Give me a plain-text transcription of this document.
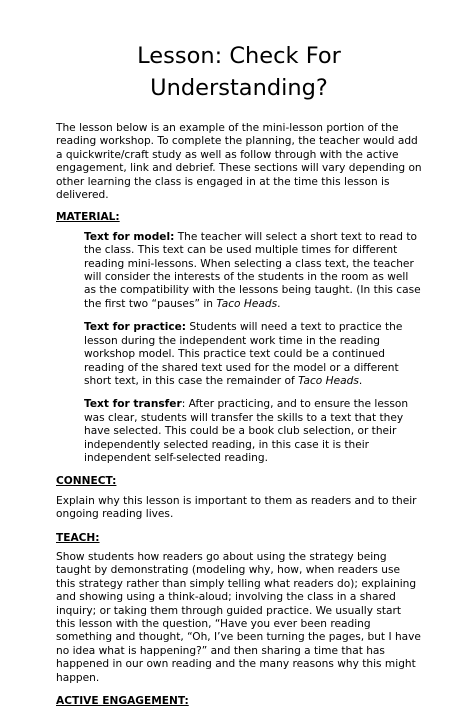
Lesson: Check For Understanding?

The lesson below is an example of the mini-lesson portion of the reading workshop. To complete the planning, the teacher would add a quickwrite/craft study as well as follow through with the active engagement, link and debrief. These sections will vary depending on other learning the class is engaged in at the time this lesson is delivered.

MATERIAL:

Text for model: The teacher will select a short text to read to the class. This text can be used multiple times for different reading mini-lessons. When selecting a class text, the teacher will consider the interests of the students in the room as well as the compatibility with the lessons being taught. (In this case the first two “pauses” in Taco Heads.

Text for practice: Students will need a text to practice the lesson during the independent work time in the reading workshop model. This practice text could be a continued reading of the shared text used for the model or a different short text, in this case the remainder of Taco Heads.

Text for transfer: After practicing, and to ensure the lesson was clear, students will transfer the skills to a text that they have selected. This could be a book club selection, or their independently selected reading, in this case it is their independent self-selected reading.

CONNECT:

Explain why this lesson is important to them as readers and to their ongoing reading lives.

TEACH:

Show students how readers go about using the strategy being taught by demonstrating (modeling why, how, when readers use this strategy rather than simply telling what readers do); explaining and showing using a think-aloud; involving the class in a shared inquiry; or taking them through guided practice. We usually start this lesson with the question, “Have you ever been reading something and thought, “Oh, I’ve been turning the pages, but I have no idea what is happening?” and then sharing a time that has happened in our own reading and the many reasons why this might happen.

ACTIVE ENGAGEMENT:
